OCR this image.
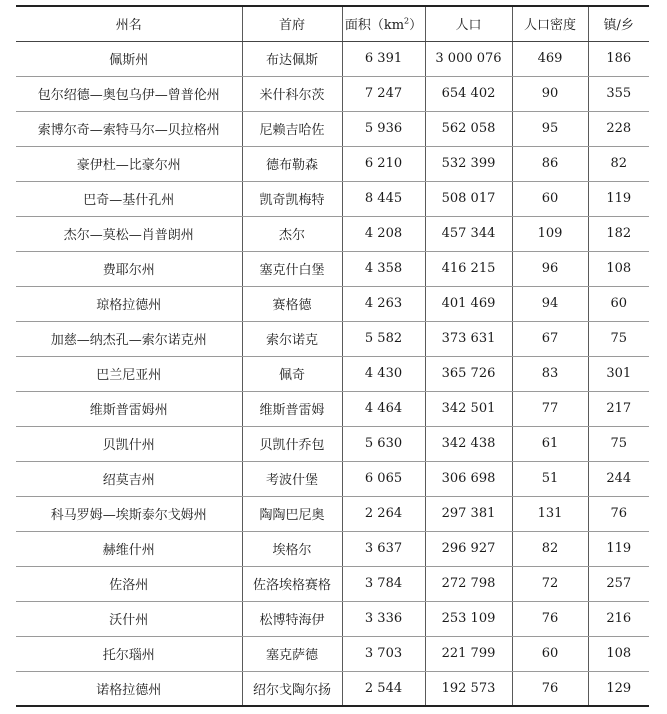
州名	首府	面积$(km^2)$	人口	人口密度	镇/乡
佩斯州	布达佩斯	6 391	3 000 076	469	186
包尔绍德—奥包乌伊—曾普伦州	米什科尔茨	7 247	654 402	90	355
索博尔奇—索特马尔—贝拉格州	尼赖吉哈佐	5 936	562 058	95	228
豪伊杜—比豪尔州	德布勒森	6 210	532 399	86	82
巴奇—基什孔州	凯奇凯梅特	8 445	508 017	60	119
杰尔—莫松—肖普朗州	杰尔	4 208	457 344	109	182
费耶尔州	塞克什白堡	4 358	416 215	96	108
琼格拉德州	赛格德	4 263	401 469	94	60
加慈—纳杰孔—索尔诺克州	索尔诺克	5 582	373 631	67	75
巴兰尼亚州	佩奇	4 430	365 726	83	301
维斯普雷姆州	维斯普雷姆	4 464	342 501	77	217
贝凯什州	贝凯什乔包	5 630	342 438	61	75
绍莫吉州	考波什堡	6 065	306 698	51	244
科马罗姆—埃斯泰尔戈姆州	陶陶巴尼奥	2 264	297 381	131	76
赫维什州	埃格尔	3 637	296 927	82	119
佐洛州	佐洛埃格赛格	3 784	272 798	72	257
沃什州	松博特海伊	3 336	253 109	76	216
托尔瑙州	塞克萨德	3 703	221 799	60	108
诺格拉德州	绍尔戈陶尔扬	2 544	192 573	76	129
